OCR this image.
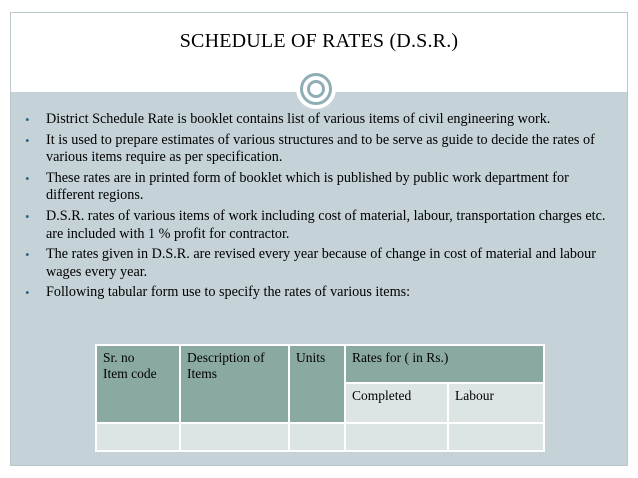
SCHEDULE OF RATES (D.S.R.)
• District Schedule Rate is booklet contains list of various items of civil engineering work.
• It is used to prepare estimates of various structures and to be serve as guide to decide the rates of various items require as per specification.
• These rates are in printed form of booklet which is published by public work department for different regions.
• D.S.R. rates of various items of work including cost of material, labour, transportation charges etc. are included with 1 % profit for contractor.
• The rates given in D.S.R. are revised every year because of change in cost of material and labour wages every year.
• Following tabular form use to specify the rates of various items:
Sr. no
Item code	Description of Items	Units	Rates for ( in Rs.)	
			Completed	Labour
